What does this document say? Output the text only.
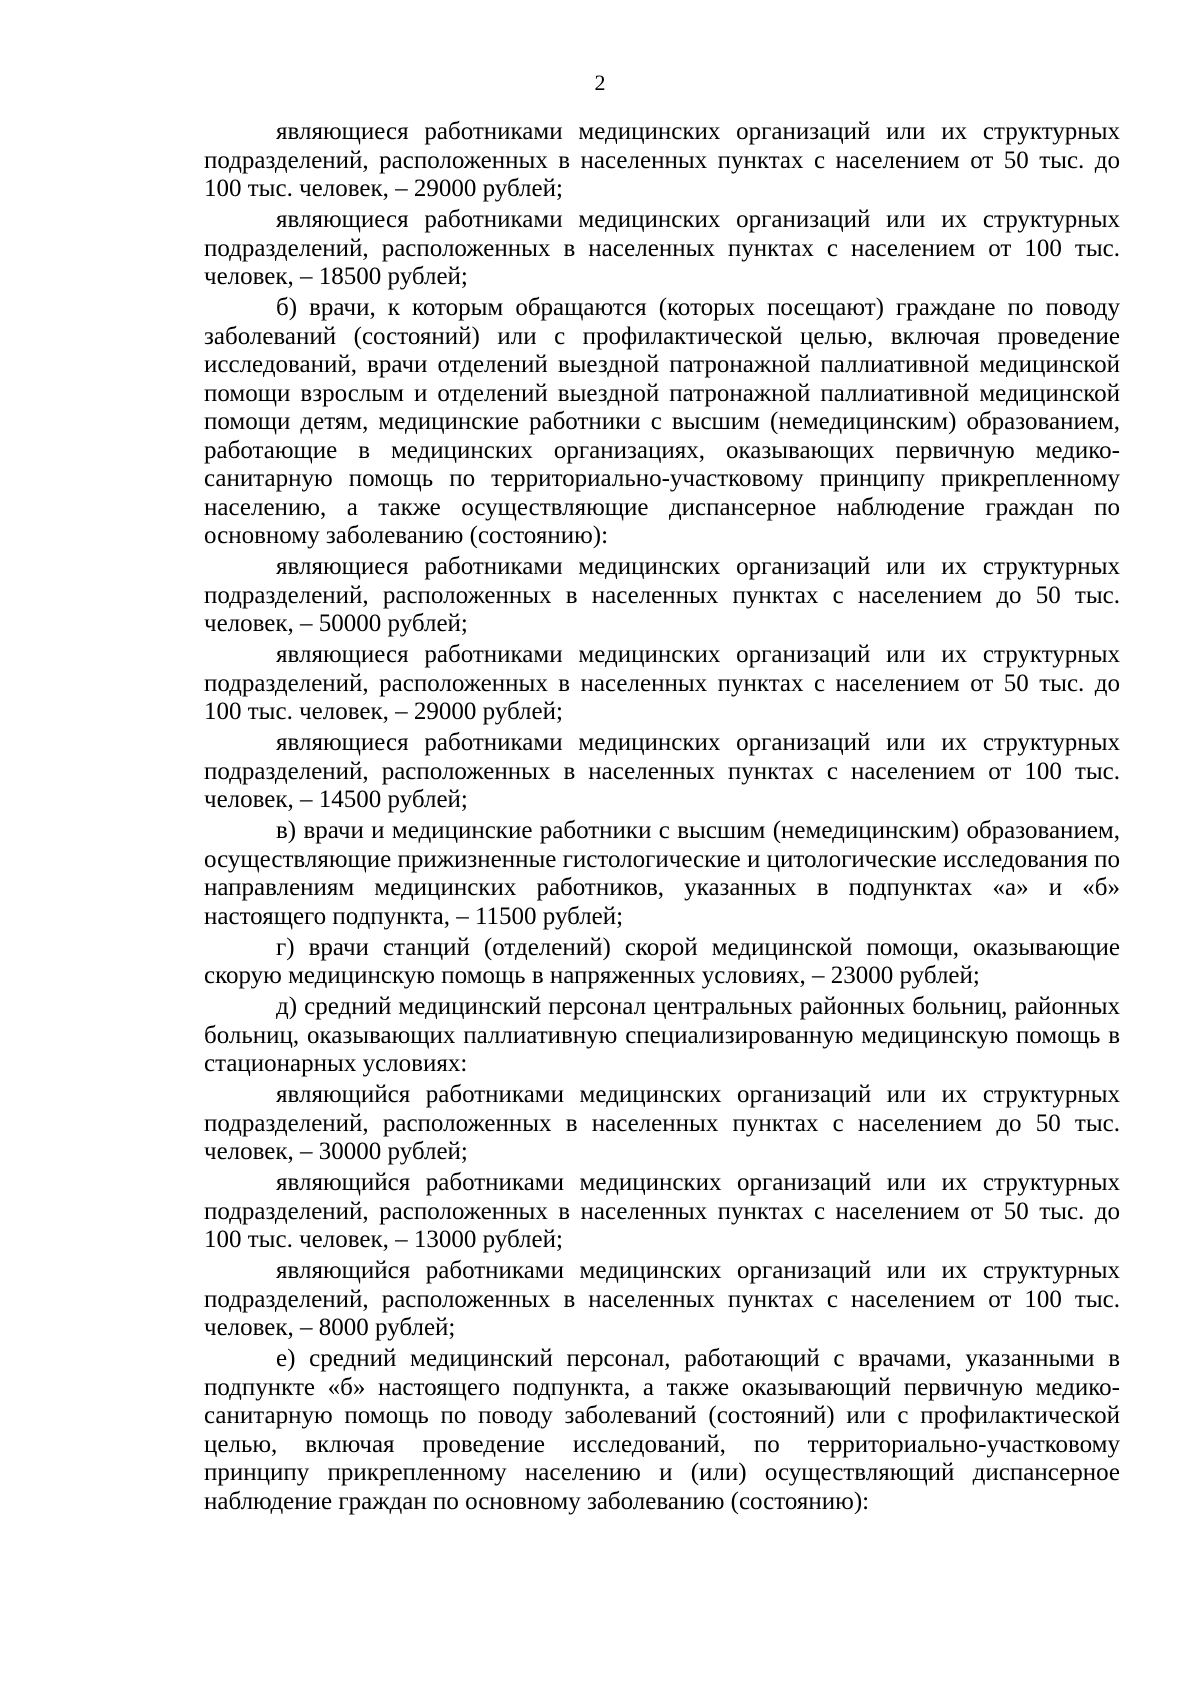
2

являющиеся работниками медицинских организаций или их структурных подразделений, расположенных в населенных пунктах с населением от 50 тыс. до 100 тыс. человек, – 29000 рублей;

являющиеся работниками медицинских организаций или их структурных подразделений, расположенных в населенных пунктах с населением от 100 тыс. человек, – 18500 рублей;

б) врачи, к которым обращаются (которых посещают) граждане по поводу заболеваний (состояний) или с профилактической целью, включая проведение исследований, врачи отделений выездной патронажной паллиативной медицинской помощи взрослым и отделений выездной патронажной паллиативной медицинской помощи детям, медицинские работники с высшим (немедицинским) образованием, работающие в медицинских организациях, оказывающих первичную медико-санитарную помощь по территориально-участковому принципу прикрепленному населению, а также осуществляющие диспансерное наблюдение граждан по основному заболеванию (состоянию):

являющиеся работниками медицинских организаций или их структурных подразделений, расположенных в населенных пунктах с населением до 50 тыс. человек, – 50000 рублей;

являющиеся работниками медицинских организаций или их структурных подразделений, расположенных в населенных пунктах с населением от 50 тыс. до 100 тыс. человек, – 29000 рублей;

являющиеся работниками медицинских организаций или их структурных подразделений, расположенных в населенных пунктах с населением от 100 тыс. человек, – 14500 рублей;

в) врачи и медицинские работники с высшим (немедицинским) образованием, осуществляющие прижизненные гистологические и цитологические исследования по направлениям медицинских работников, указанных в подпунктах «а» и «б» настоящего подпункта, – 11500 рублей;

г) врачи станций (отделений) скорой медицинской помощи, оказывающие скорую медицинскую помощь в напряженных условиях, – 23000 рублей;

д) средний медицинский персонал центральных районных больниц, районных больниц, оказывающих паллиативную специализированную медицинскую помощь в стационарных условиях:

являющийся работниками медицинских организаций или их структурных подразделений, расположенных в населенных пунктах с населением до 50 тыс. человек, – 30000 рублей;

являющийся работниками медицинских организаций или их структурных подразделений, расположенных в населенных пунктах с населением от 50 тыс. до 100 тыс. человек, – 13000 рублей;

являющийся работниками медицинских организаций или их структурных подразделений, расположенных в населенных пунктах с населением от 100 тыс. человек, – 8000 рублей;

е) средний медицинский персонал, работающий с врачами, указанными в подпункте «б» настоящего подпункта, а также оказывающий первичную медико-санитарную помощь по поводу заболеваний (состояний) или с профилактической целью, включая проведение исследований, по территориально-участковому принципу прикрепленному населению и (или) осуществляющий диспансерное наблюдение граждан по основному заболеванию (состоянию):
